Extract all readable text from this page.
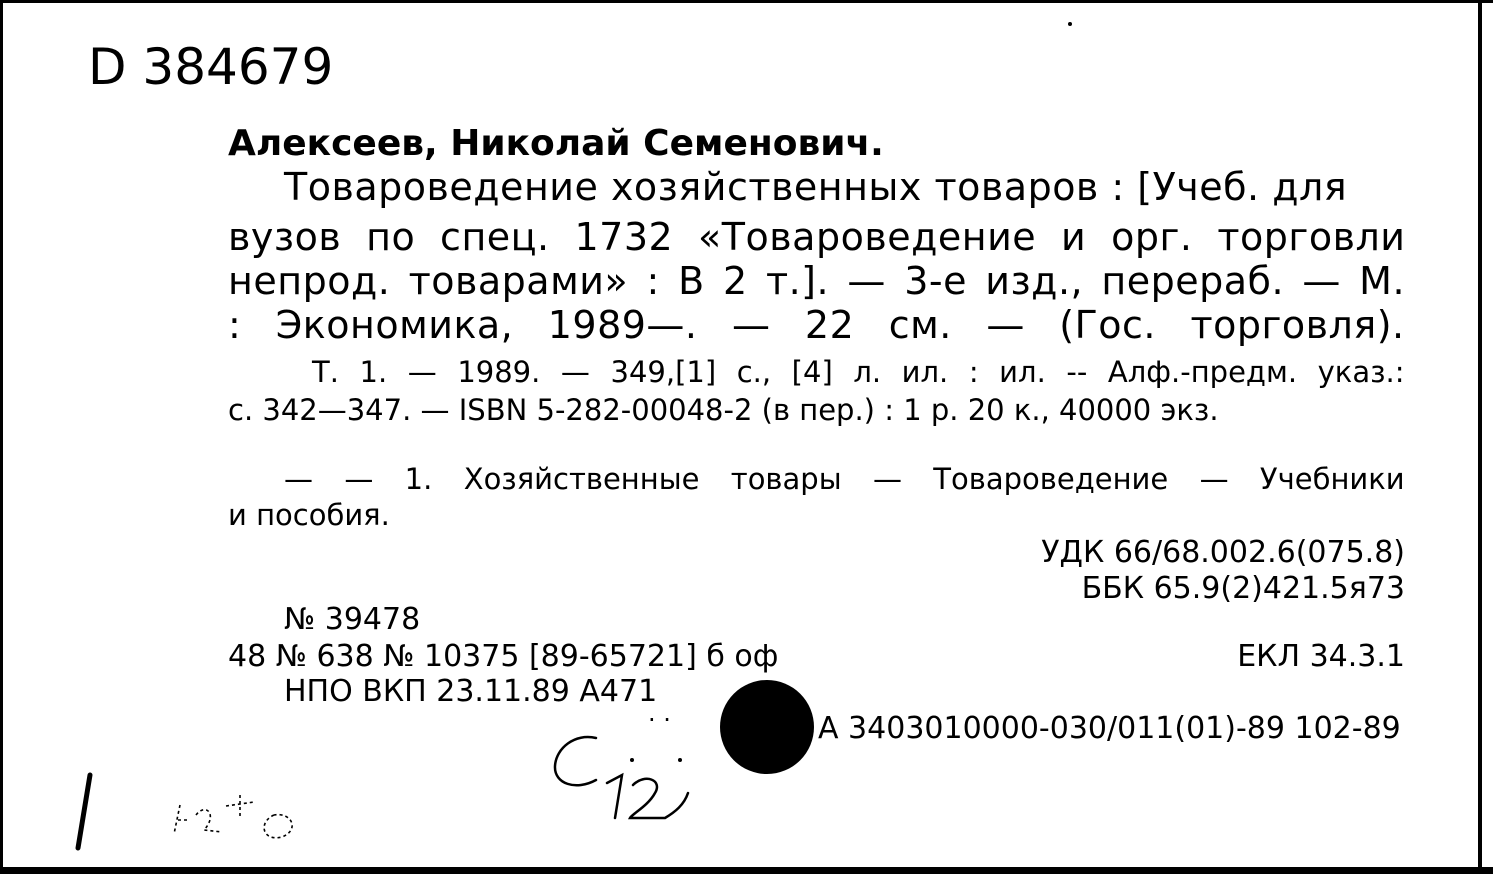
D 384679
Алексеев, Николай Семенович.
Товароведение хозяйственных товаров : [Учеб. для
вузов по спец. 1732 «Товароведение и орг. торговли
непрод. товарами» : В 2 т.]. — 3-е изд., перераб. — М.
: Экономика, 1989—. — 22 см. — (Гос. торговля).
Т. 1. — 1989. — 349,[1] с., [4] л. ил. : ил. -- Алф.-предм. указ.:
с. 342—347. — ISBN 5-282-00048-2 (в пер.) : 1 р. 20 к., 40000 экз.
— — 1. Хозяйственные товары — Товароведение — Учебники
и пособия.
УДК 66/68.002.6(075.8)
ББК 65.9(2)421.5я73
№ 39478
48 № 638 № 10375 [89-65721] б оф	ЕКЛ 34.3.1
НПО ВКП 23.11.89 А471
· ·	А 3403010000-030/011(01)-89 102-89
